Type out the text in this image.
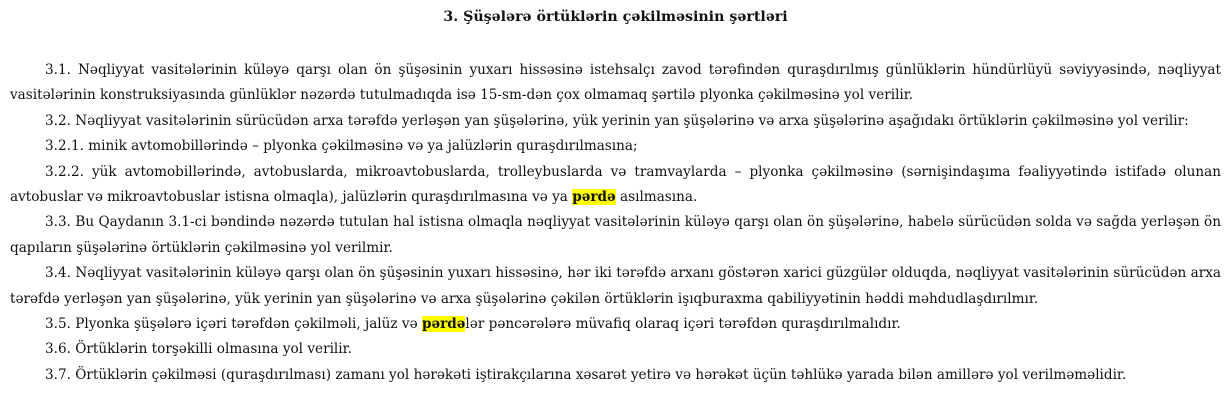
3. Şüşələrə örtüklərin çəkilməsinin şərtləri

3.1. Nəqliyyat vasitələrinin küləyə qarşı olan ön şüşəsinin yuxarı hissəsinə istehsalçı zavod tərəfindən quraşdırılmış günlüklərin hündürlüyü səviyyəsində, nəqliyyat vasitələrinin konstruksiyasında günlüklər nəzərdə tutulmadıqda isə 15-sm-dən çox olmamaq şərtilə plyonka çəkilməsinə yol verilir.

3.2. Nəqliyyat vasitələrinin sürücüdən arxa tərəfdə yerləşən yan şüşələrinə, yük yerinin yan şüşələrinə və arxa şüşələrinə aşağıdakı örtüklərin çəkilməsinə yol verilir:

3.2.1. minik avtomobillərində – plyonka çəkilməsinə və ya jalüzlərin quraşdırılmasına;

3.2.2. yük avtomobillərində, avtobuslarda, mikroavtobuslarda, trolleybuslarda və tramvaylarda – plyonka çəkilməsinə (sərnişindaşıma fəaliyyətində istifadə olunan avtobuslar və mikroavtobuslar istisna olmaqla), jalüzlərin quraşdırılmasına və ya pərdə asılmasına.

3.3. Bu Qaydanın 3.1-ci bəndində nəzərdə tutulan hal istisna olmaqla nəqliyyat vasitələrinin küləyə qarşı olan ön şüşələrinə, habelə sürücüdən solda və sağda yerləşən ön qapıların şüşələrinə örtüklərin çəkilməsinə yol verilmir.

3.4. Nəqliyyat vasitələrinin küləyə qarşı olan ön şüşəsinin yuxarı hissəsinə, hər iki tərəfdə arxanı göstərən xarici güzgülər olduqda, nəqliyyat vasitələrinin sürücüdən arxa tərəfdə yerləşən yan şüşələrinə, yük yerinin yan şüşələrinə və arxa şüşələrinə çəkilən örtüklərin işıqburaxma qabiliyyətinin həddi məhdudlaşdırılmır.

3.5. Plyonka şüşələrə içəri tərəfdən çəkilməli, jalüz və pərdələr pəncərələrə müvafiq olaraq içəri tərəfdən quraşdırılmalıdır.

3.6. Örtüklərin torşəkilli olmasına yol verilir.

3.7. Örtüklərin çəkilməsi (quraşdırılması) zamanı yol hərəkəti iştirakçılarına xəsarət yetirə və hərəkət üçün təhlükə yarada bilən amillərə yol verilməməlidir.
